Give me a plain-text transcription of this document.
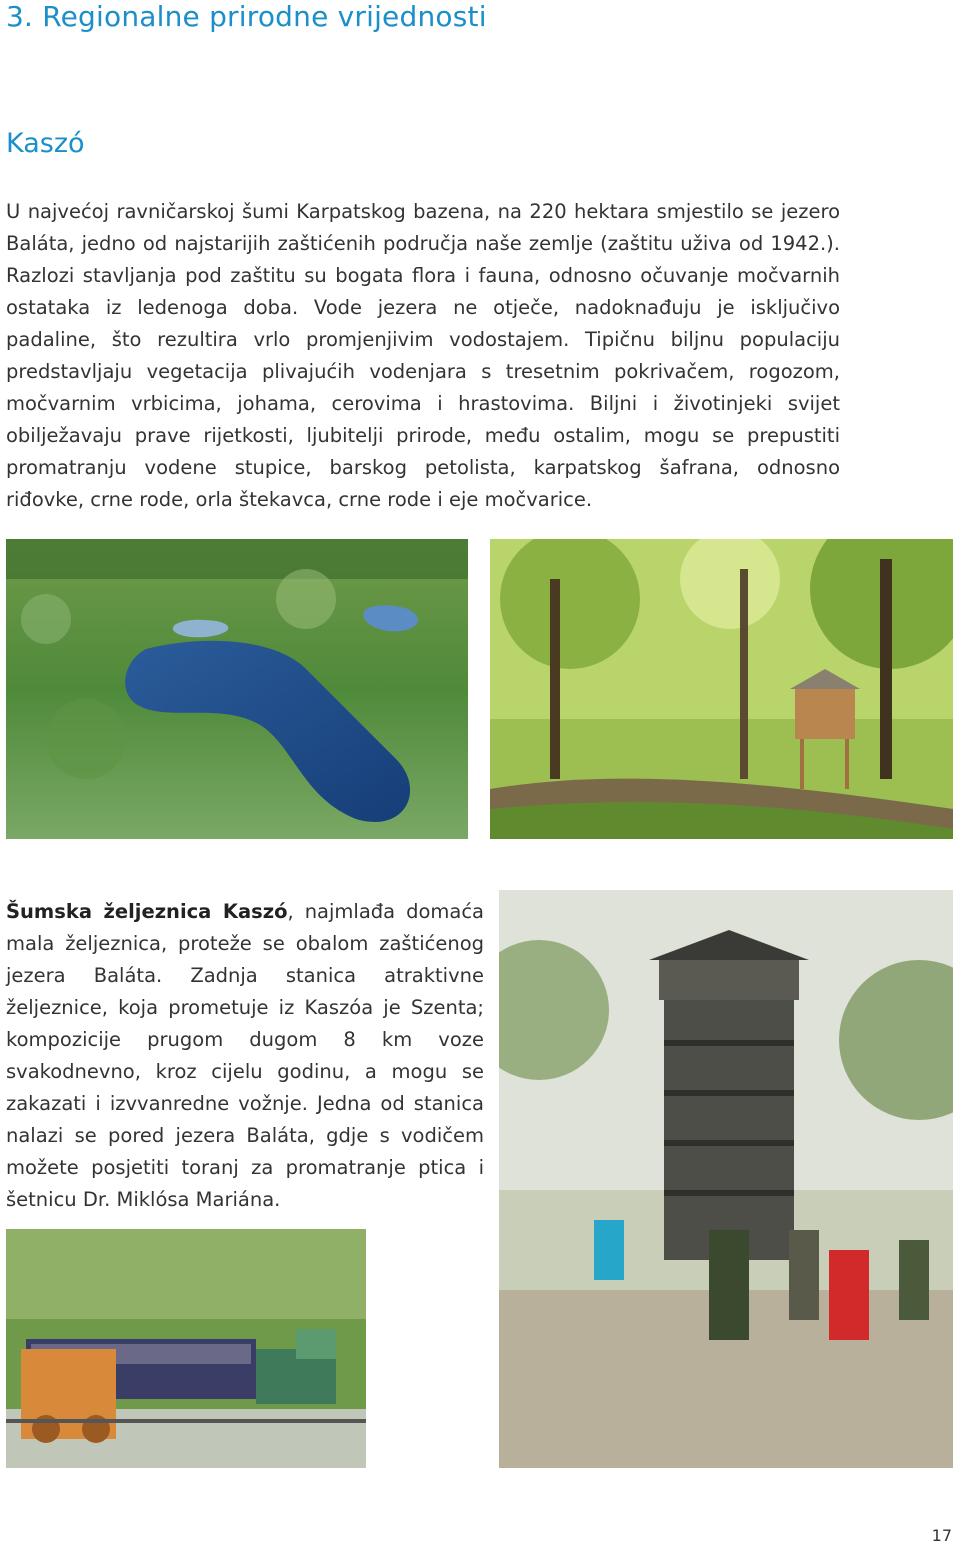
3. Regionalne prirodne vrijednosti
Kaszó

U najvećoj ravničarskoj šumi Karpatskog bazena, na 220 hektara smjestilo se jezero Baláta, jedno od najstarijih zaštićenih područja naše zemlje (zaštitu uživa od 1942.). Razlozi stavljanja pod zaštitu su bogata flora i fauna, odnosno očuvanje močvarnih ostataka iz ledenoga doba. Vode jezera ne otječe, nadoknađuju je isključivo padaline, što rezultira vrlo promjenjivim vodostajem. Tipičnu biljnu populaciju predstavljaju vegetacija plivajućih vodenjara s tresetnim pokrivačem, rogozom, močvarnim vrbicima, johama, cerovima i hrastovima. Biljni i životinjeki svijet obilježavaju prave rijetkosti, ljubitelji prirode, među ostalim, mogu se prepustiti promatranju vodene stupice, barskog petolista, karpatskog šafrana, odnosno riđovke, crne rode, orla štekavca, crne rode i eje močvarice.

Šumska željeznica Kaszó, najmlađa domaća mala željeznica, proteže se obalom zaštićenog jezera Baláta. Zadnja stanica atraktivne željeznice, koja prometuje iz Kaszóa je Szenta; kompozicije prugom dugom 8 km voze svakodnevno, kroz cijelu godinu, a mogu se zakazati i izvvanredne vožnje. Jedna od stanica nalazi se pored jezera Baláta, gdje s vodičem možete posjetiti toranj za promatranje ptica i šetnicu Dr. Miklósa Mariána.

17
